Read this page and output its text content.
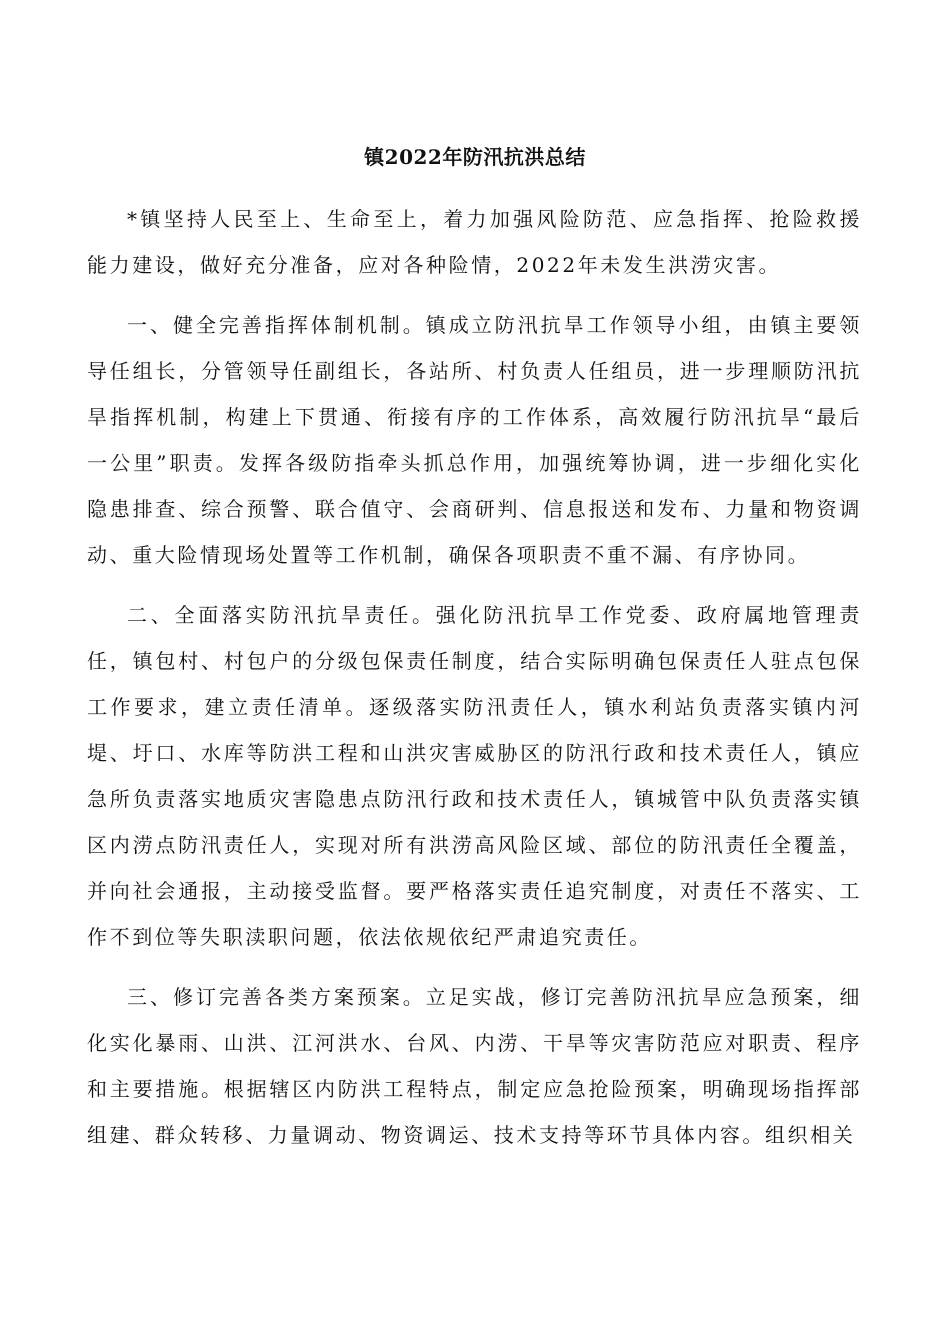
镇2022年防汛抗洪总结

*镇坚持人民至上、生命至上，着力加强风险防范、应急指挥、抢险救援能力建设，做好充分准备，应对各种险情，2022年未发生洪涝灾害。

一、健全完善指挥体制机制。镇成立防汛抗旱工作领导小组，由镇主要领导任组长，分管领导任副组长，各站所、村负责人任组员，进一步理顺防汛抗旱指挥机制，构建上下贯通、衔接有序的工作体系，高效履行防汛抗旱“最后一公里”职责。发挥各级防指牵头抓总作用，加强统筹协调，进一步细化实化隐患排查、综合预警、联合值守、会商研判、信息报送和发布、力量和物资调动、重大险情现场处置等工作机制，确保各项职责不重不漏、有序协同。

二、全面落实防汛抗旱责任。强化防汛抗旱工作党委、政府属地管理责任，镇包村、村包户的分级包保责任制度，结合实际明确包保责任人驻点包保工作要求，建立责任清单。逐级落实防汛责任人，镇水利站负责落实镇内河堤、圩口、水库等防洪工程和山洪灾害威胁区的防汛行政和技术责任人，镇应急所负责落实地质灾害隐患点防汛行政和技术责任人，镇城管中队负责落实镇区内涝点防汛责任人，实现对所有洪涝高风险区域、部位的防汛责任全覆盖，并向社会通报，主动接受监督。要严格落实责任追究制度，对责任不落实、工作不到位等失职渎职问题，依法依规依纪严肃追究责任。

三、修订完善各类方案预案。立足实战，修订完善防汛抗旱应急预案，细化实化暴雨、山洪、江河洪水、台风、内涝、干旱等灾害防范应对职责、程序和主要措施。根据辖区内防洪工程特点，制定应急抢险预案，明确现场指挥部组建、群众转移、力量调动、物资调运、技术支持等环节具体内容。组织相关
